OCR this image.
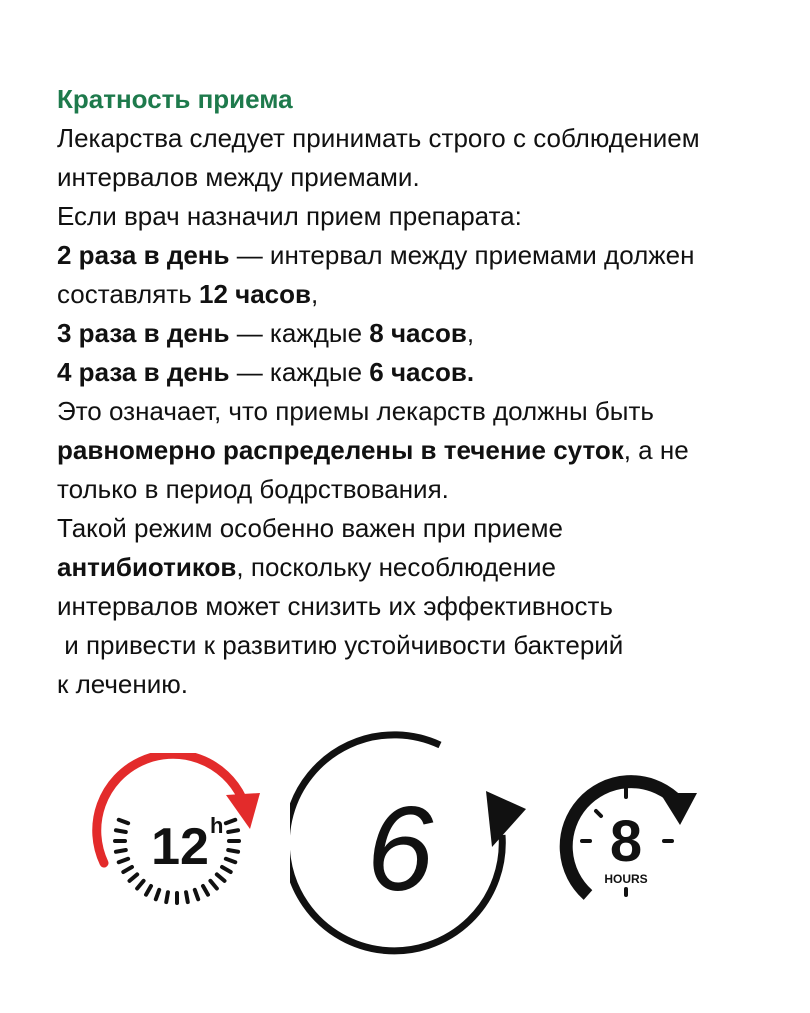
Кратность приема

Лекарства следует принимать строго с соблюдением

интервалов между приемами.

Если врач назначил прием препарата:

2 раза в день — интервал между приемами должен

составлять 12 часов,

3 раза в день — каждые 8 часов,

4 раза в день — каждые 6 часов.

Это означает, что приемы лекарств должны быть

равномерно распределены в течение суток, а не

только в период бодрствования.

Такой режим особенно важен при приеме

антибиотиков, поскольку несоблюдение

интервалов может снизить их эффективность

и привести к развитию устойчивости бактерий

к лечению.

12 h 6	8
HOURS
